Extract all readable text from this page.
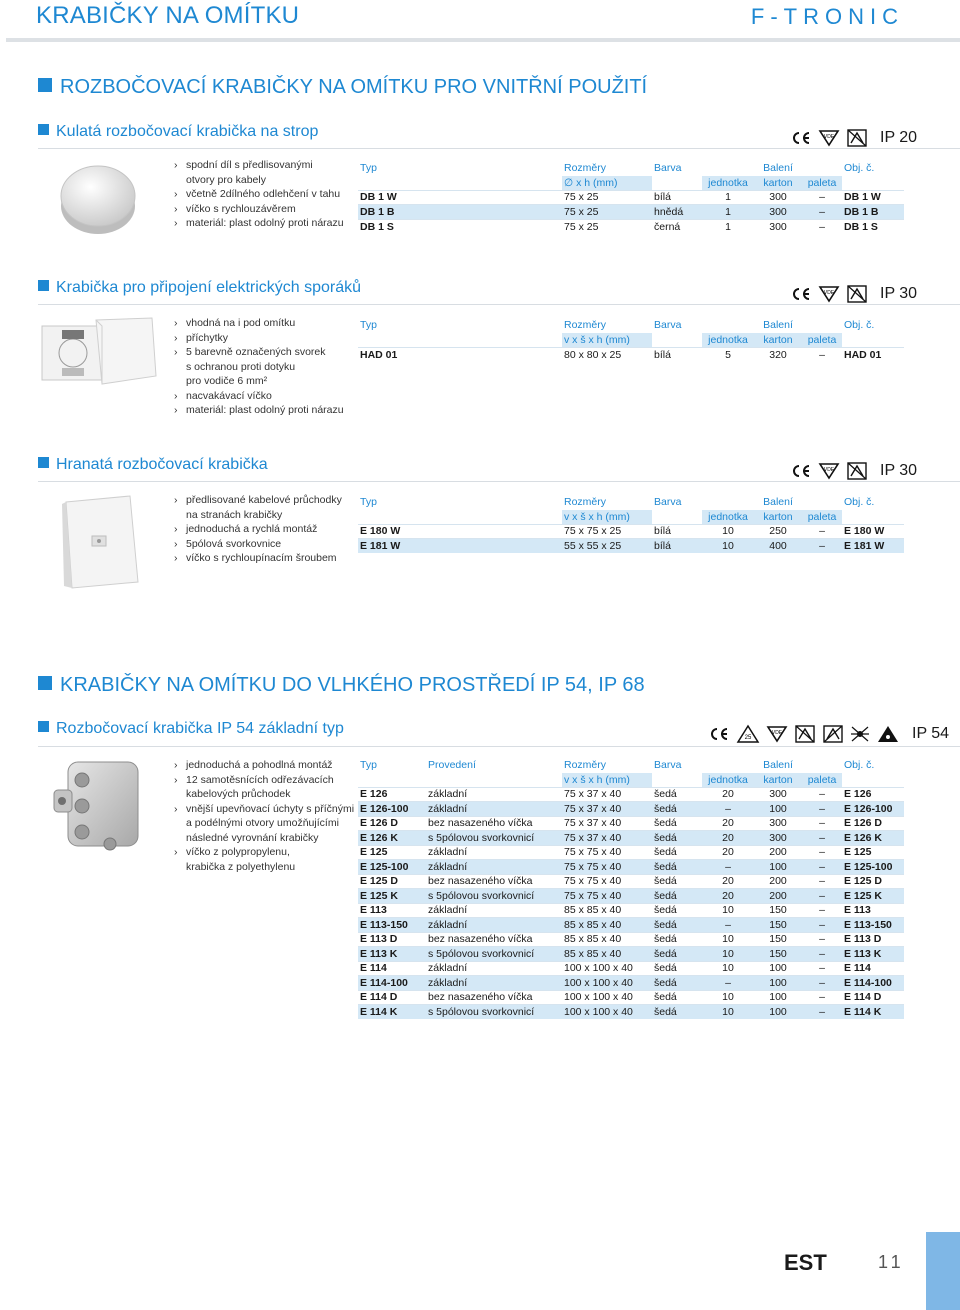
KRABIČKY NA OMÍTKU	F-TRONIC
ROZBOČOVACÍ KRABIČKY NA OMÍTKU PRO VNITŘNÍ POUŽITÍ
Kulatá rozbočovací krabička na strop	VDE	IP 20
› spodní díl s předlisovanými
otvory pro kabely
› včetně 2dílného odlehčení v tahu
› víčko s rychlouzávěrem
› materiál: plast odolný proti nárazu
Typ	Rozměry	Barva		Balení		Obj. č.
	∅ x h (mm)		jednotka	karton	paleta	
DB 1 W	75 x 25	bílá	1	300	–	DB 1 W
DB 1 B	75 x 25	hnědá	1	300	–	DB 1 B
DB 1 S	75 x 25	černá	1	300	–	DB 1 S
Krabička pro připojení elektrických sporáků	VDE	IP 30
› vhodná na i pod omítku
› příchytky
› 5 barevně označených svorek
s ochranou proti dotyku
pro vodiče 6 mm²
› nacvakávací víčko
› materiál: plast odolný proti nárazu
Typ	Rozměry	Barva		Balení		Obj. č.
	v x š x h (mm)		jednotka	karton	paleta	
HAD 01	80 x 80 x 25	bílá	5	320	–	HAD 01
Hranatá rozbočovací krabička	VDE	IP 30
› předlisované kabelové průchodky
na stranách krabičky
› jednoduchá a rychlá montáž
› 5pólová svorkovnice
› víčko s rychloupínacím šroubem
Typ	Rozměry	Barva		Balení		Obj. č.
	v x š x h (mm)		jednotka	karton	paleta	
E 180 W	75 x 75 x 25	bílá	10	250	–	E 180 W
E 181 W	55 x 55 x 25	bílá	10	400	–	E 181 W
KRABIČKY NA OMÍTKU DO VLHKÉHO PROSTŘEDÍ IP 54, IP 68
Rozbočovací krabička IP 54 základní typ
25
VDE	IP 54
› jednoduchá a pohodlná montáž
› 12 samotěsnících odřezávacích
kabelových průchodek
› vnější upevňovací úchyty s příčnými
a podélnými otvory umožňujícími
následné vyrovnání krabičky
› víčko z polypropylenu,
krabička z polyethylenu
Typ	Provedení	Rozměry	Barva		Balení		Obj. č.
		v x š x h (mm)		jednotka	karton	paleta	
E 126	základní	75 x 37 x 40	šedá	20	300	–	E 126
E 126-100	základní	75 x 37 x 40	šedá	–	100	–	E 126-100
E 126 D	bez nasazeného víčka	75 x 37 x 40	šedá	20	300	–	E 126 D
E 126 K	s 5pólovou svorkovnicí	75 x 37 x 40	šedá	20	300	–	E 126 K
E 125	základní	75 x 75 x 40	šedá	20	200	–	E 125
E 125-100	základní	75 x 75 x 40	šedá	–	100	–	E 125-100
E 125 D	bez nasazeného víčka	75 x 75 x 40	šedá	20	200	–	E 125 D
E 125 K	s 5pólovou svorkovnicí	75 x 75 x 40	šedá	20	200	–	E 125 K
E 113	základní	85 x 85 x 40	šedá	10	150	–	E 113
E 113-150	základní	85 x 85 x 40	šedá	–	150	–	E 113-150
E 113 D	bez nasazeného víčka	85 x 85 x 40	šedá	10	150	–	E 113 D
E 113 K	s 5pólovou svorkovnicí	85 x 85 x 40	šedá	10	150	–	E 113 K
E 114	základní	100 x 100 x 40	šedá	10	100	–	E 114
E 114-100	základní	100 x 100 x 40	šedá	–	100	–	E 114-100
E 114 D	bez nasazeného víčka	100 x 100 x 40	šedá	10	100	–	E 114 D
E 114 K	s 5pólovou svorkovnicí	100 x 100 x 40	šedá	10	100	–	E 114 K
EST	11
